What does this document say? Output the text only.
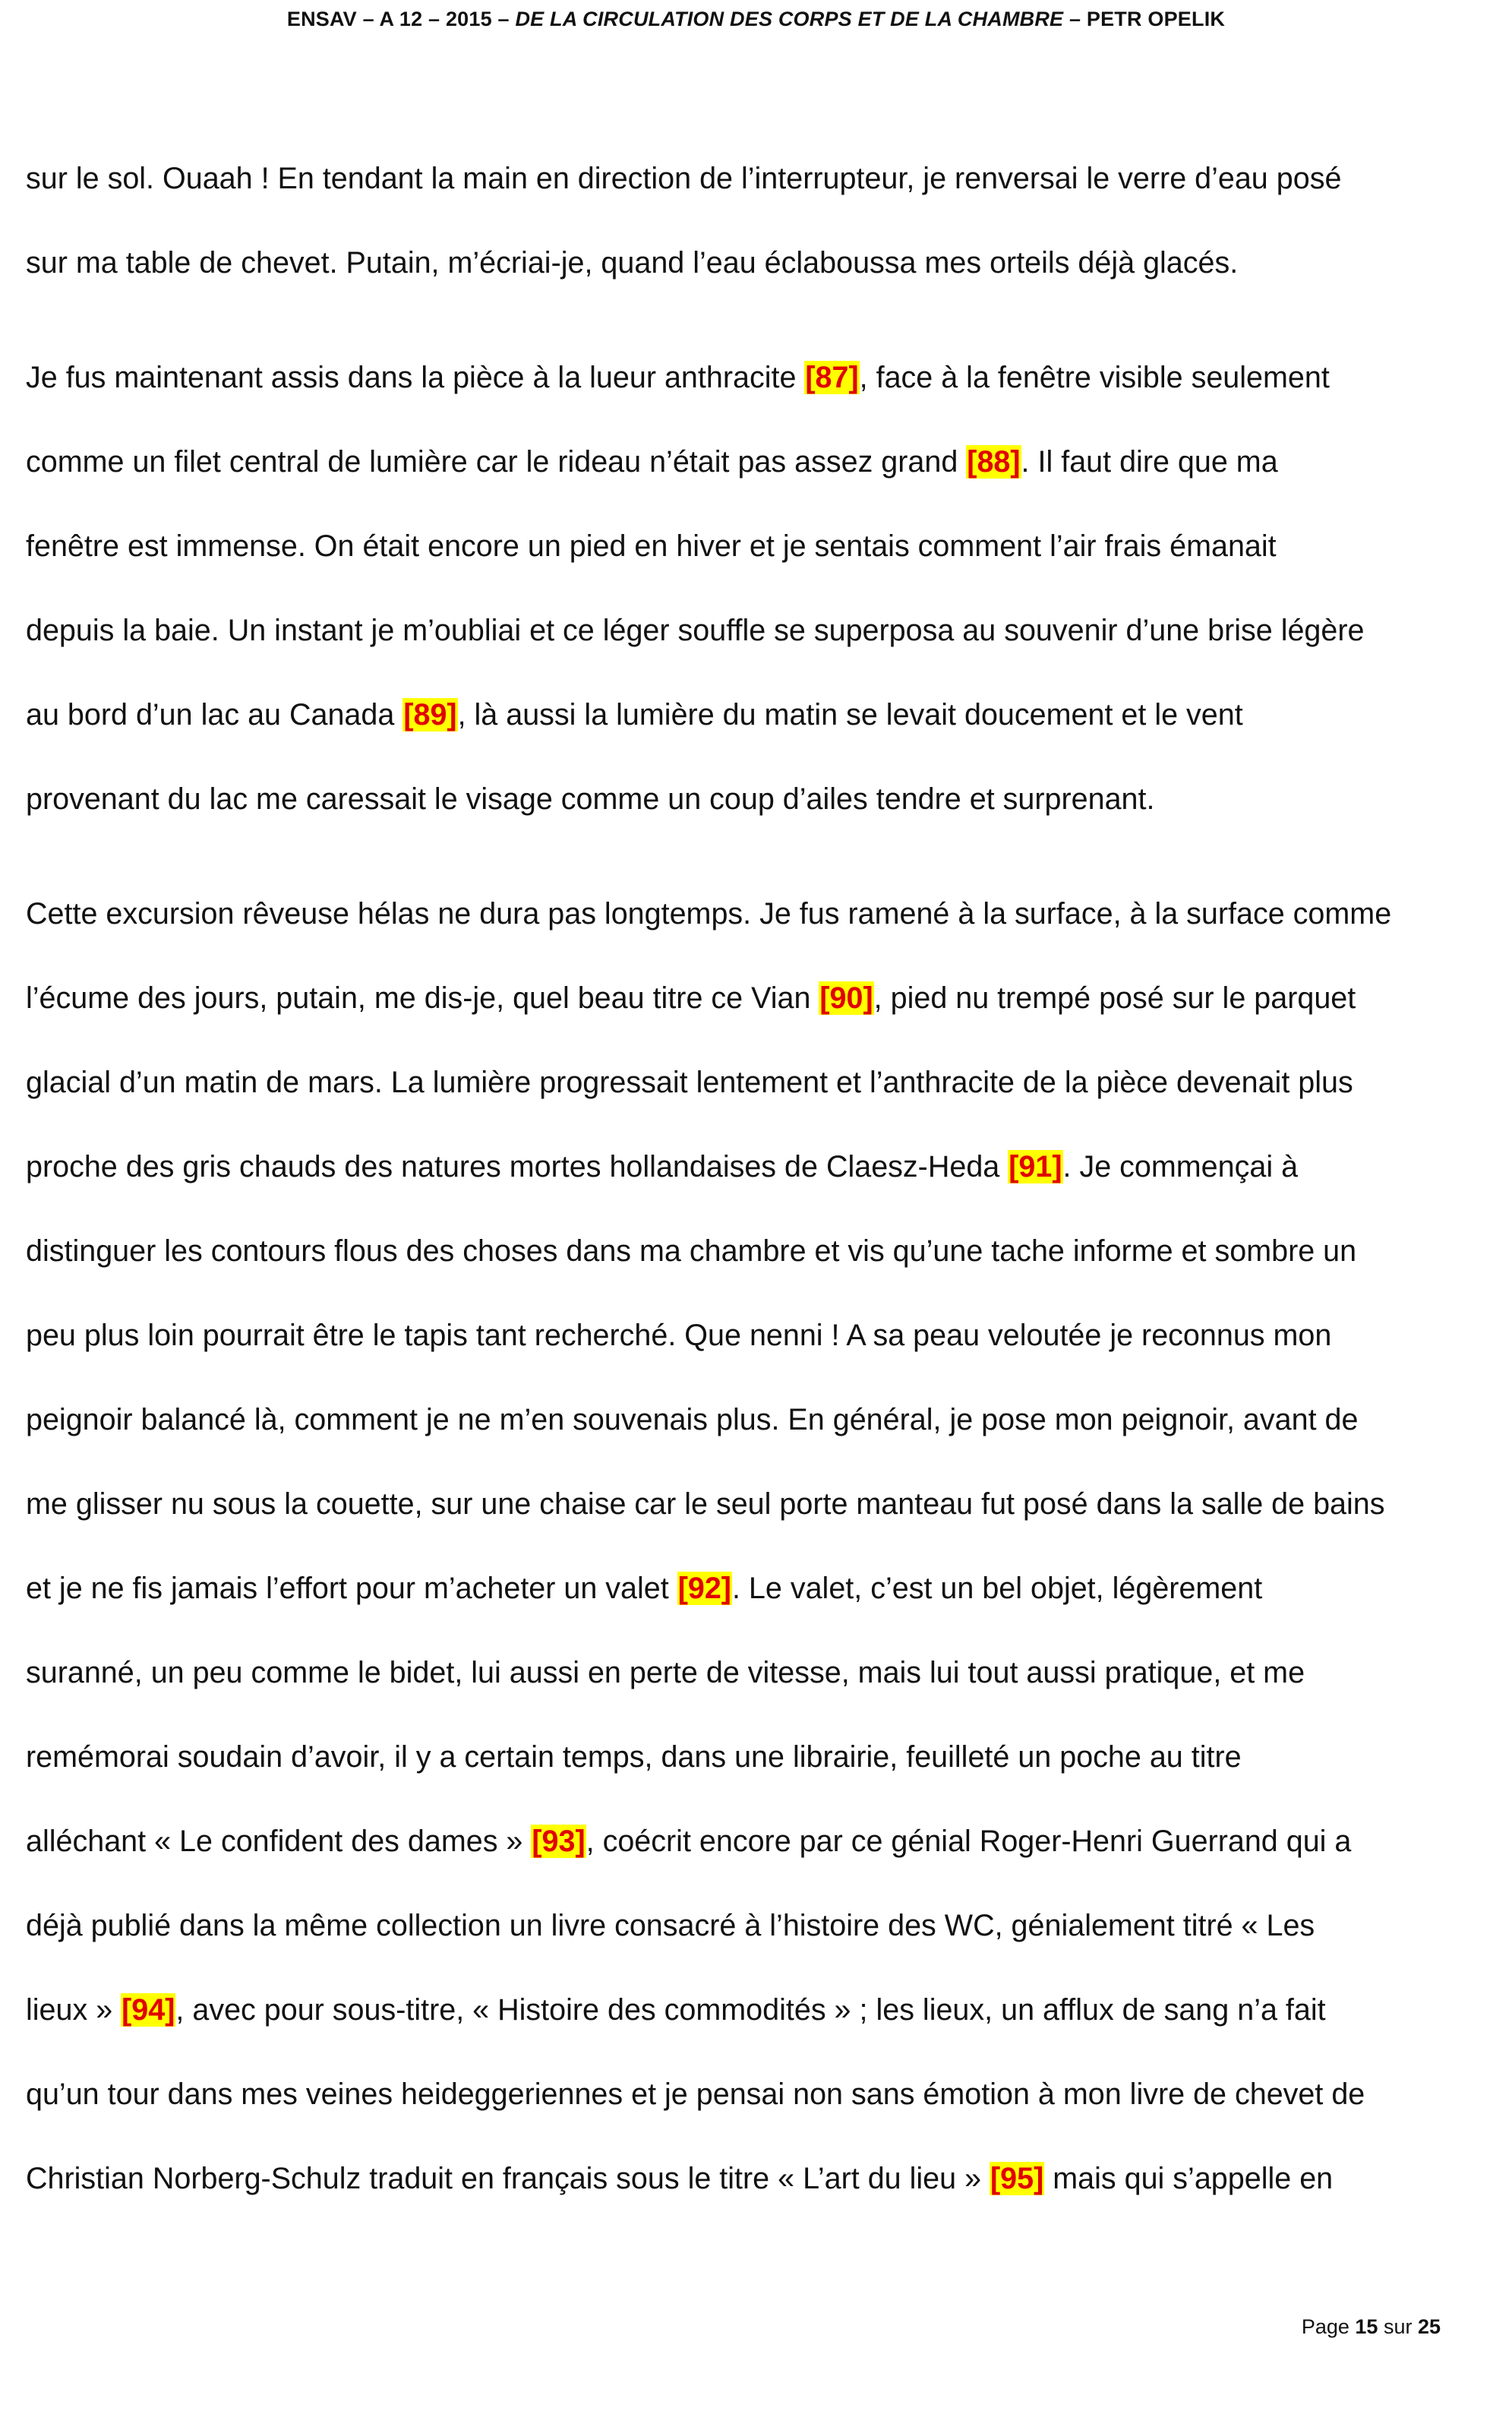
ENSAV – A 12 – 2015 – DE LA CIRCULATION DES CORPS ET DE LA CHAMBRE – PETR OPELIK
sur le sol. Ouaah ! En tendant la main en direction de l’interrupteur, je renversai le verre d’eau posé
sur ma table de chevet. Putain, m’écriai-je, quand l’eau éclaboussa mes orteils déjà glacés.
Je fus maintenant assis dans la pièce à la lueur anthracite [87], face à la fenêtre visible seulement
comme un filet central de lumière car le rideau n’était pas assez grand [88]. Il faut dire que ma
fenêtre est immense. On était encore un pied en hiver et je sentais comment l’air frais émanait
depuis la baie. Un instant je m’oubliai et ce léger souffle se superposa au souvenir d’une brise légère
au bord d’un lac au Canada [89], là aussi la lumière du matin se levait doucement et le vent
provenant du lac me caressait le visage comme un coup d’ailes tendre et surprenant.
Cette excursion rêveuse hélas ne dura pas longtemps. Je fus ramené à la surface, à la surface comme
l’écume des jours, putain, me dis-je, quel beau titre ce Vian [90], pied nu trempé posé sur le parquet
glacial d’un matin de mars. La lumière progressait lentement et l’anthracite de la pièce devenait plus
proche des gris chauds des natures mortes hollandaises de Claesz-Heda [91]. Je commençai à
distinguer les contours flous des choses dans ma chambre et vis qu’une tache informe et sombre un
peu plus loin pourrait être le tapis tant recherché. Que nenni ! A sa peau veloutée je reconnus mon
peignoir balancé là, comment je ne m’en souvenais plus. En général, je pose mon peignoir, avant de
me glisser nu sous la couette, sur une chaise car le seul porte manteau fut posé dans la salle de bains
et je ne fis jamais l’effort pour m’acheter un valet [92]. Le valet, c’est un bel objet, légèrement
suranné, un peu comme le bidet, lui aussi en perte de vitesse, mais lui tout aussi pratique, et me
remémorai soudain d’avoir, il y a certain temps, dans une librairie, feuilleté un poche au titre
alléchant « Le confident des dames » [93], coécrit encore par ce génial Roger-Henri Guerrand qui a
déjà publié dans la même collection un livre consacré à l’histoire des WC, génialement titré « Les
lieux » [94], avec pour sous-titre, « Histoire des commodités » ; les lieux, un afflux de sang n’a fait
qu’un tour dans mes veines heideggeriennes et je pensai non sans émotion à mon livre de chevet de
Christian Norberg-Schulz traduit en français sous le titre « L’art du lieu » [95] mais qui s’appelle en
Page 15 sur 25
